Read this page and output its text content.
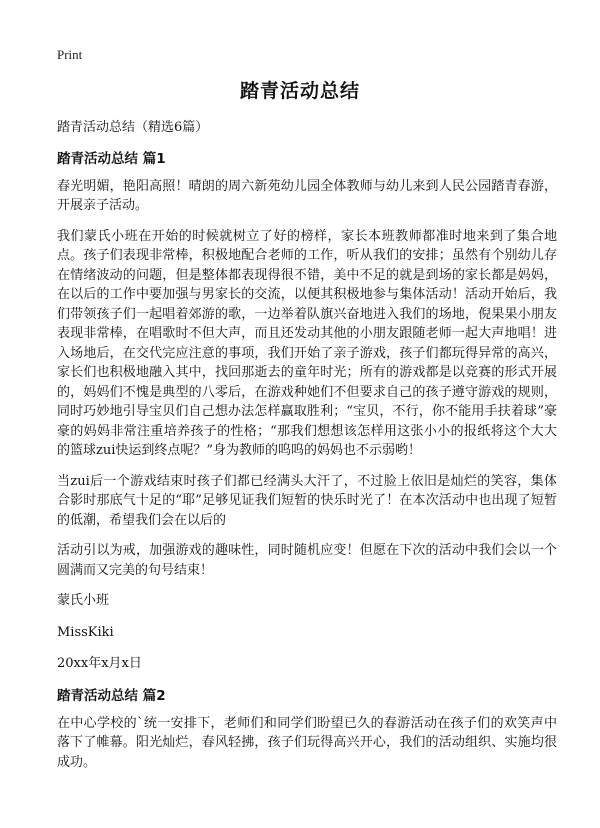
Print
踏青活动总结

踏青活动总结（精选6篇）

踏青活动总结 篇1

春光明媚，艳阳高照！晴朗的周六新苑幼儿园全体教师与幼儿来到人民公园踏青春游，开展亲子活动。

我们蒙氏小班在开始的时候就树立了好的榜样，家长本班教师都准时地来到了集合地点。孩子们表现非常棒，积极地配合老师的工作，听从我们的安排；虽然有个别幼儿存在情绪波动的问题，但是整体都表现得很不错，美中不足的就是到场的家长都是妈妈，在以后的工作中要加强与男家长的交流，以便其积极地参与集体活动！活动开始后，我们带领孩子们一起唱着郊游的歌，一边举着队旗兴奋地进入我们的场地，倪果果小朋友表现非常棒，在唱歌时不但大声，而且还发动其他的小朋友跟随老师一起大声地唱！进入场地后，在交代完应注意的事项，我们开始了亲子游戏，孩子们都玩得异常的高兴，家长们也积极地融入其中，找回那逝去的童年时光；所有的游戏都是以竞赛的形式开展的，妈妈们不愧是典型的八零后，在游戏种她们不但要求自己的孩子遵守游戏的规则，同时巧妙地引导宝贝们自己想办法怎样赢取胜利；“宝贝，不行，你不能用手扶着球”豪豪的妈妈非常注重培养孩子的性格；“那我们想想该怎样用这张小小的报纸将这个大大的篮球zui快运到终点呢？”身为教师的呜呜的妈妈也不示弱哟！

当zui后一个游戏结束时孩子们都已经满头大汗了，不过脸上依旧是灿烂的笑容，集体合影时那底气十足的“耶”足够见证我们短暂的快乐时光了！在本次活动中也出现了短暂的低潮，希望我们会在以后的

活动引以为戒，加强游戏的趣味性，同时随机应变！但愿在下次的活动中我们会以一个圆满而又完美的句号结束！

蒙氏小班

MissKiki

20xx年x月x日

踏青活动总结 篇2

在中心学校的`统一安排下，老师们和同学们盼望已久的春游活动在孩子们的欢笑声中落下了帷幕。阳光灿烂，春风轻拂，孩子们玩得高兴开心，我们的活动组织、实施均很成功。
